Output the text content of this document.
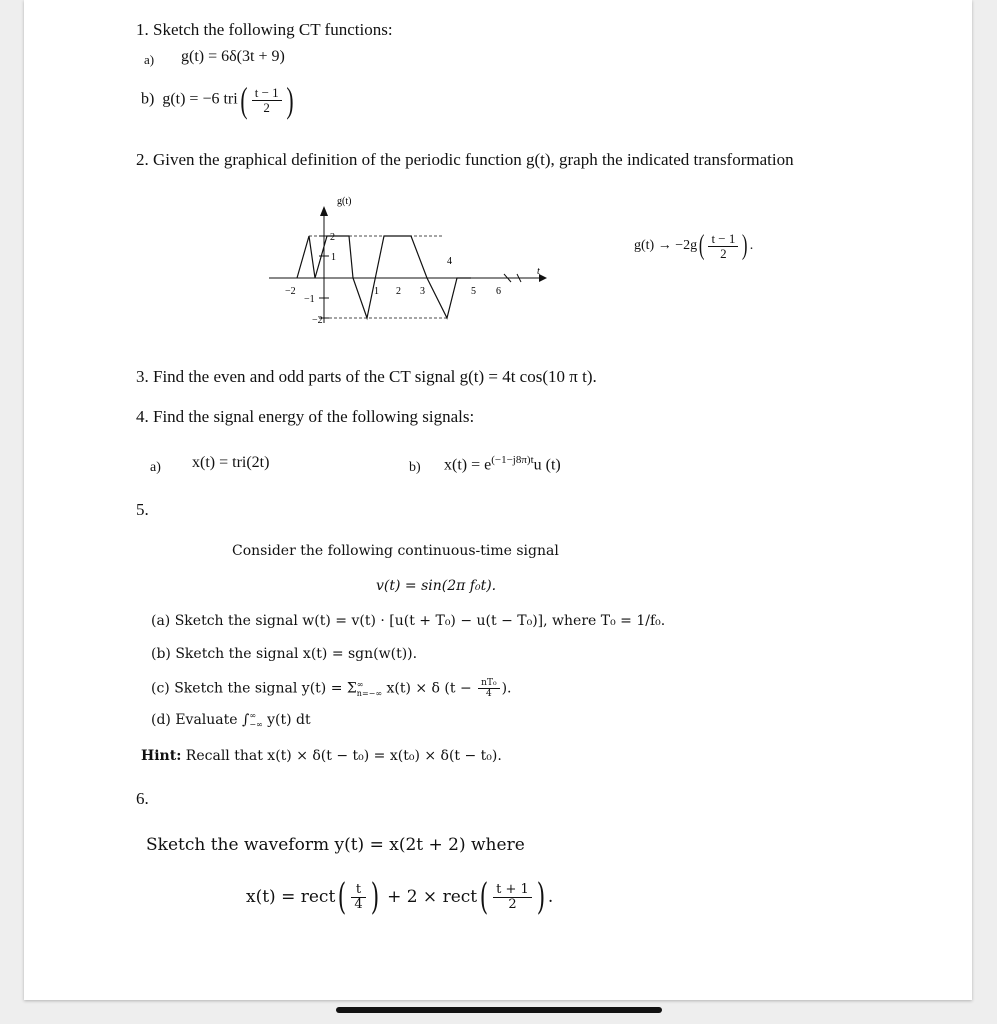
1. Sketch the following CT functions:
a) g(t) = 6δ(3t + 9)
b) g(t) = −6 $tri( \frac{t - 1}{2}$ )
2. Given the graphical definition of the periodic function g(t), graph the indicated transformation
g(t)
t
2
1
−2
−2
−1
1 2 3
4
5 6
$g(t) \to -2g( \frac{t - 1}{2}$ ) .
3. Find the even and odd parts of the CT signal g(t) = 4t cos(10 π t).
4. Find the signal energy of the following signals:
a) x(t) = tri(2t)	b) $x(t) = e^{(-1-j8\pi)t}u$ (t)
5.
Consider the following continuous-time signal
v(t) = sin(2π f₀t).
(a) Sketch the signal w(t) = v(t) · [u(t + T₀) − u(t − T₀)], where T₀ = 1/f₀.
(b) Sketch the signal x(t) = sgn(w(t)).
(c) Sketch the signal y(t) = Σ ∞
n=−∞ x(t) × δ ($t - \frac{\text{nT₀}}{4}$ ).
(d) Evaluate ∫ ∞
−∞ y(t) dt
Hint: Recall that x(t) × δ(t − t₀) = x(t₀) × δ(t − t₀).
6.
Sketch the waveform y(t) = x(2t + 2) where
x(t) = rect( $\frac{t}{4}$ ) + 2 × rect( $\frac{t + 1}{2}$ ) .
